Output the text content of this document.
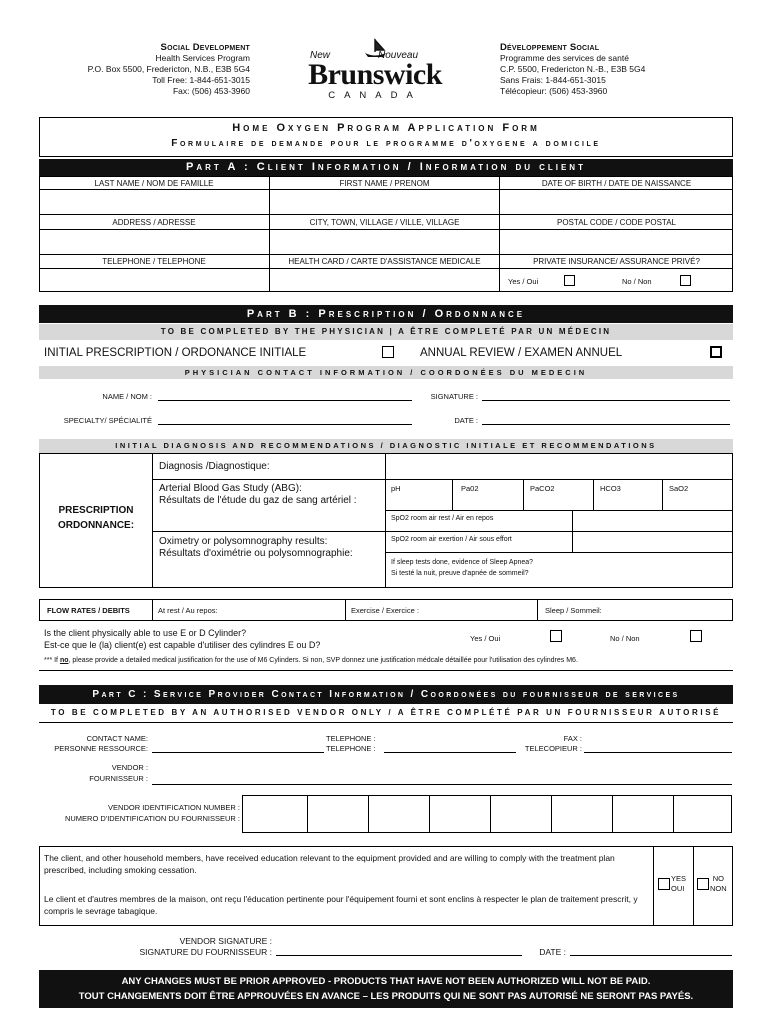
Social Development
Health Services Program
P.O. Box 5500, Fredericton, N.B., E3B 5G4
Toll Free: 1-844-651-3015
Fax: (506) 453-3960
New	Nouveau
Brunswick
CANADA
Développement Social
Programme des services de santé
C.P. 5500, Fredericton N.-B., E3B 5G4
Sans Frais: 1-844-651-3015
Télécopieur: (506) 453-3960
Home Oxygen Program Application Form
Formulaire de demande pour le programme d'oxygene a domicile
Part A : Client Information / Information du client
LAST NAME / NOM DE FAMILLE	FIRST NAME / PRENOM	DATE OF BIRTH / DATE DE NAISSANCE
ADDRESS / ADRESSE	CITY, TOWN, VILLAGE / VILLE, VILLAGE	POSTAL CODE / CODE POSTAL
TELEPHONE / TELEPHONE	HEALTH CARD / CARTE D'ASSISTANCE MEDICALE	PRIVATE INSURANCE/ ASSURANCE PRIVÉ?
Yes / Oui	No / Non
Part B : Prescription / Ordonnance
TO BE COMPLETED BY THE PHYSICIAN | A ÊTRE COMPLETÉ PAR UN MÉDECIN
INITIAL PRESCRIPTION / ORDONANCE INITIALE	ANNUAL REVIEW / EXAMEN ANNUEL
PHYSICIAN CONTACT INFORMATION / COORDONÉES DU MEDECIN
NAME / NOM :	SIGNATURE :
SPECIALTY/ SPÉCIALITÉ	DATE :
INITIAL DIAGNOSIS AND RECOMMENDATIONS / DIAGNOSTIC INITIALE ET RECOMMENDATIONS
PRESCRIPTION
ORDONNANCE:
Diagnosis /Diagnostique:
Arterial Blood Gas Study (ABG):
Résultats de l'étude du gaz de sang artériel :
pH	Pa02	PaCO2	HCO3	SaO2
SpO2 room air rest / Air en repos
SpO2 room air exertion / Air sous effort
Oximetry or polysomnography results:
Résultats d'oximétrie ou polysomnographie:
If sleep tests done, evidence of Sleep Apnea?
Si testé la nuit, preuve d'apnée de sommeil?
FLOW RATES / DEBITS	At rest / Au repos:	Exercise / Exercice :	Sleep / Sommeil:
Is the client physically able to use E or D Cylinder?
Est-ce que le (la) client(e) est capable d'utiliser des cylindres E ou D?
Yes / Oui	No / Non
*** If no, please provide a detailed medical justification for the use of M6 Cylinders. Si non, SVP donnez une justification médcale détaillée pour l'utilisation des cylindres M6.
Part C : Service Provider Contact Information / Coordonées du fournisseur de services
TO BE COMPLETED BY AN AUTHORISED VENDOR ONLY / A ÊTRE COMPLÉTÉ PAR UN FOURNISSEUR AUTORISÉ
CONTACT NAME:
PERSONNE RESSOURCE:
TELEPHONE :
TELEPHONE :
FAX :
TELECOPIEUR :
VENDOR :
FOURNISSEUR :
VENDOR IDENTIFICATION NUMBER :
NUMERO D'IDENTIFICATION DU FOURNISSEUR :
The client, and other household members, have received education relevant to the equipment provided and are willing to comply with the treatment plan prescribed, including smoking cessation.
Le client et d'autres membres de la maison, ont reçu l'éducation pertinente pour l'équipement fourni et sont enclins à respecter le plan de traitement prescrit, y compris le sevrage tabagique.
YES
OUI
NO
NON
VENDOR SIGNATURE :
SIGNATURE DU FOURNISSEUR :	DATE :
ANY CHANGES MUST BE PRIOR APPROVED - PRODUCTS THAT HAVE NOT BEEN AUTHORIZED WILL NOT BE PAID.
TOUT CHANGEMENTS DOIT ÊTRE APPROUVÉES EN AVANCE – LES PRODUITS QUI NE SONT PAS AUTORISÉ NE SERONT PAS PAYÉS.
